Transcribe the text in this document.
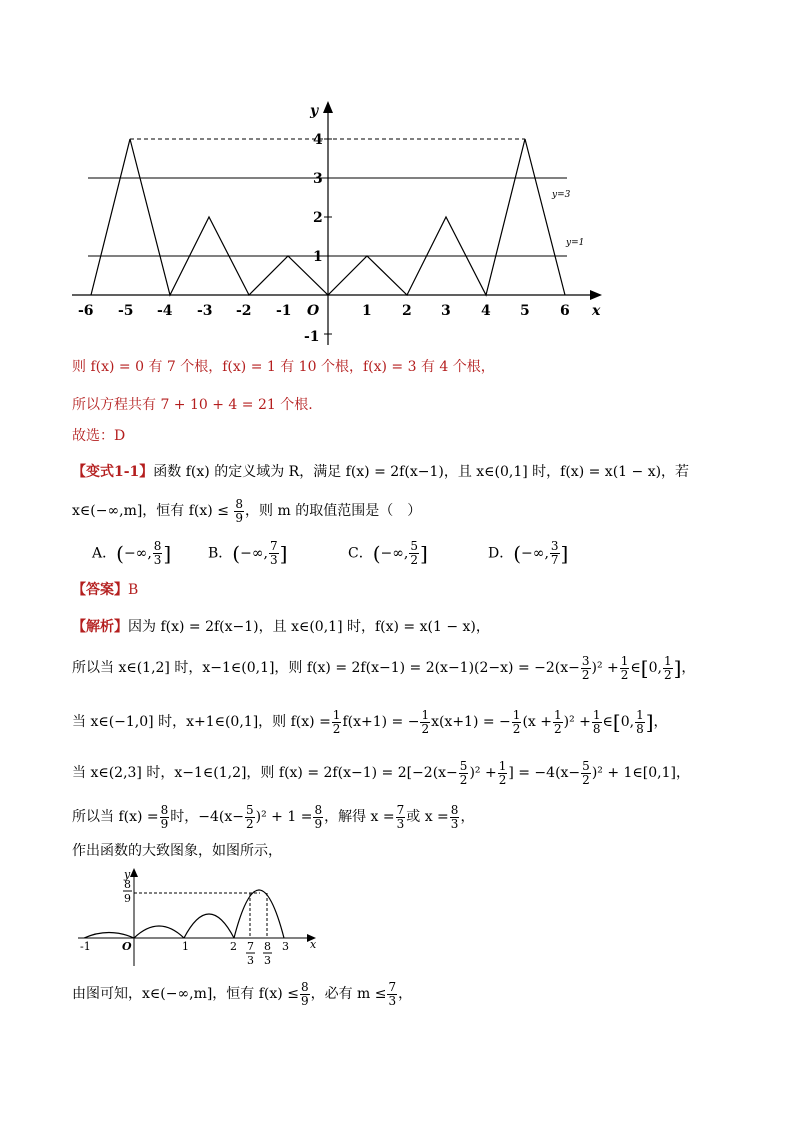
-6 -5 -4 -3 -2 -1 O	1 2 3 4 5 6
4
3
2
1
-1
x
y
y=3
y=1
则 f(x) = 0 有 7 个根，f(x) = 1 有 10 个根，f(x) = 3 有 4 个根，
所以方程共有 7 + 10 + 4 = 21 个根.
故选：D
【变式1-1】函数 f(x) 的定义域为 R，满足 f(x) = 2f(x−1)，且 x∈(0,1] 时，f(x) = x(1 − x)，若
x∈(−∞,m]，恒有 $f(x) \le \frac{8}{9}$ ，则 m 的取值范围是（　）
A．(−∞, $\frac{8}{3}$ ]	B．(−∞, $\frac{7}{3}$ ]	C．(−∞, $\frac{5}{2}$ ]	D．(−∞, $\frac{3}{7}$ ]
【答案】B
【解析】因为 f(x) = 2f(x−1)，且 x∈(0,1] 时，f(x) = x(1 − x)，
所以当 x∈(1,2] 时，x−1∈(0,1]，则 $f(x) = 2f(x-1) = 2(x-1)(2-x) = -2(x- \frac{3}{2} )^2 + \frac{1}{2}$ ∈[0, $\frac{1}{2}$ ]，
当 x∈(−1,0] 时，x+1∈(0,1]，则 $f(x) = \frac{1}{2} f(x+1)$ = − $\frac{1}{2} x(x+1)$ = − $\frac{1}{2} (x + \frac{1}{2} )^2 + \frac{1}{8}$ ∈[0, $\frac{1}{8}$ ]，
当 x∈(2,3] 时，x−1∈(1,2]，则 $f(x) = 2f(x-1) = 2[-2(x- \frac{5}{2} )^2 + \frac{1}{2}$ ] = $-4(x- \frac{5}{2} )^2$ + 1∈[0,1]，
所以当 $f(x) = \frac{8}{9}$ 时，$-4(x- \frac{5}{2} )^2 + 1 = \frac{8}{9}$ ，解得 $x = \frac{7}{3}$ 或 $x = \frac{8}{3}$ ，
作出函数的大致图象，如图所示，
y
8
9
-1	O	1	2	3
7
3
8
3
x
由图可知，x∈(−∞,m]，恒有 $f(x) \le \frac{8}{9}$ ，必有 $m \le \frac{7}{3}$ ，
